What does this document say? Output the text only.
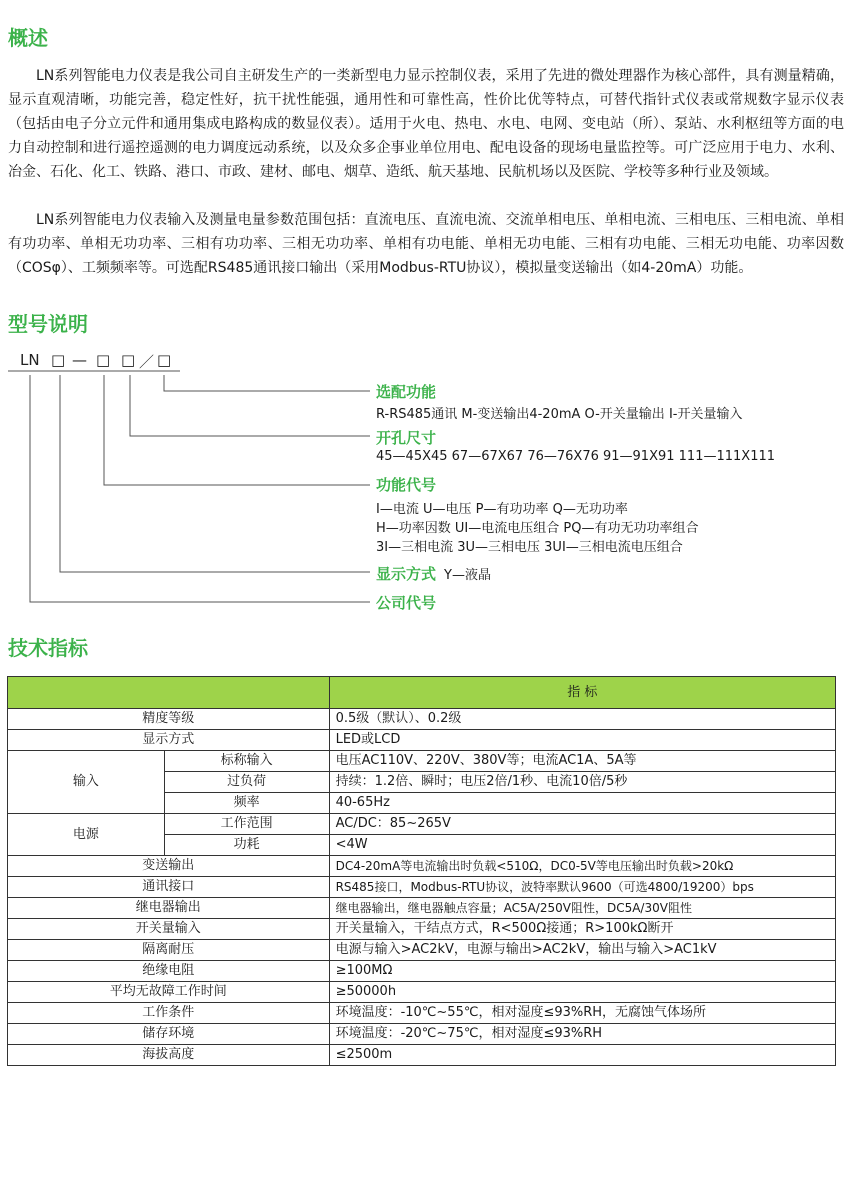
概述

LN系列智能电力仪表是我公司自主研发生产的一类新型电力显示控制仪表，采用了先进的微处理器作为核心部件，具有测量精确，显示直观清晰，功能完善，稳定性好，抗干扰性能强，通用性和可靠性高，性价比优等特点，可替代指针式仪表或常规数字显示仪表（包括由电子分立元件和通用集成电路构成的数显仪表）。适用于火电、热电、水电、电网、变电站（所）、泵站、水利枢纽等方面的电力自动控制和进行遥控遥测的电力调度远动系统，以及众多企事业单位用电、配电设备的现场电量监控等。可广泛应用于电力、水利、冶金、石化、化工、铁路、港口、市政、建材、邮电、烟草、造纸、航天基地、民航机场以及医院、学校等多种行业及领域。

LN系列智能电力仪表输入及测量电量参数范围包括：直流电压、直流电流、交流单相电压、单相电流、三相电压、三相电流、单相有功功率、单相无功功率、三相有功功率、三相无功功率、单相有功电能、单相无功电能、三相有功电能、三相无功电能、功率因数（COSφ）、工频频率等。可选配RS485通讯接口输出（采用Modbus-RTU协议），模拟量变送输出（如4-20mA）功能。

型号说明
LN □ — □ □ ／ □
选配功能
R-RS485通讯 M-变送输出4-20mA O-开关量输出 I-开关量输入
开孔尺寸
45—45X45 67—67X67 76—76X76 91—91X91 111—111X111
功能代号
I—电流 U—电压 P—有功功率 Q—无功功率
H—功率因数 UI—电流电压组合 PQ—有功无功功率组合
3I—三相电流 3U—三相电压 3UI—三相电流电压组合
显示方式 Y—液晶
公司代号
技术指标
		指 标
精度等级		0.5级（默认）、0.2级
显示方式		LED或LCD
输入	标称输入	电压AC110V、220V、380V等；电流AC1A、5A等
	过负荷	持续：1.2倍、瞬时；电压2倍/1秒、电流10倍/5秒
	频率	40-65Hz
电源	工作范围	AC/DC：85~265V
	功耗	<4W
变送输出		DC4-20mA等电流输出时负载<510Ω，DC0-5V等电压输出时负载>20kΩ
通讯接口		RS485接口，Modbus-RTU协议，波特率默认9600（可选4800/19200）bps
继电器输出		继电器输出，继电器触点容量；AC5A/250V阻性，DC5A/30V阻性
开关量输入		开关量输入，干结点方式，R<500Ω接通；R>100kΩ断开
隔离耐压		电源与输入>AC2kV，电源与输出>AC2kV，输出与输入>AC1kV
绝缘电阻		≥100MΩ
平均无故障工作时间		≥50000h
工作条件		环境温度：-10℃~55℃，相对湿度≤93%RH，无腐蚀气体场所
储存环境		环境温度：-20℃~75℃，相对湿度≤93%RH
海拔高度		≤2500m
